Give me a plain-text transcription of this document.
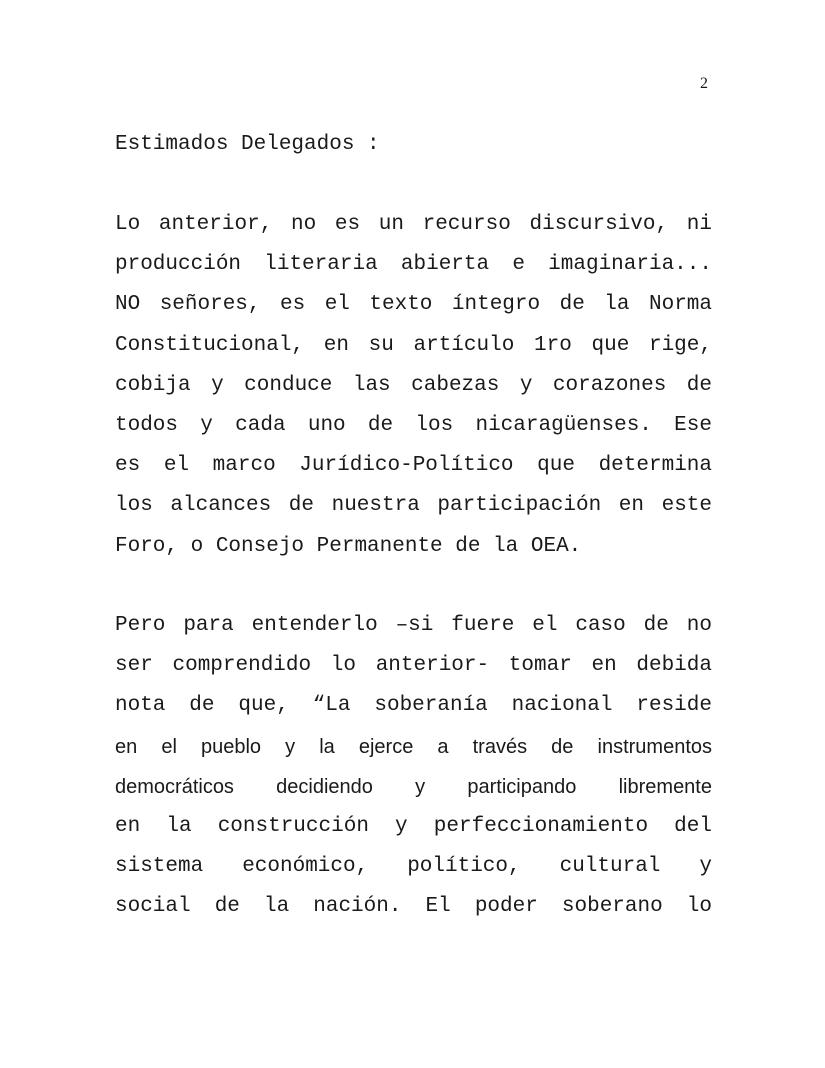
2

Estimados Delegados :

Lo anterior, no es un recurso discursivo, ni
producción literaria abierta e imaginaria...
NO señores, es el texto íntegro de la Norma
Constitucional, en su artículo 1ro que rige,
cobija y conduce las cabezas y corazones de
todos y cada uno de los nicaragüenses. Ese
es el marco Jurídico-Político que determina
los alcances de nuestra participación en este
Foro, o Consejo Permanente de la OEA.
Pero para entenderlo –si fuere el caso de no
ser comprendido lo anterior- tomar en debida
nota de que, “La soberanía nacional reside
en el pueblo y la ejerce a través de instrumentos
democráticos decidiendo y participando libremente
en la construcción y perfeccionamiento del
sistema económico, político, cultural y
social de la nación. El poder soberano lo
